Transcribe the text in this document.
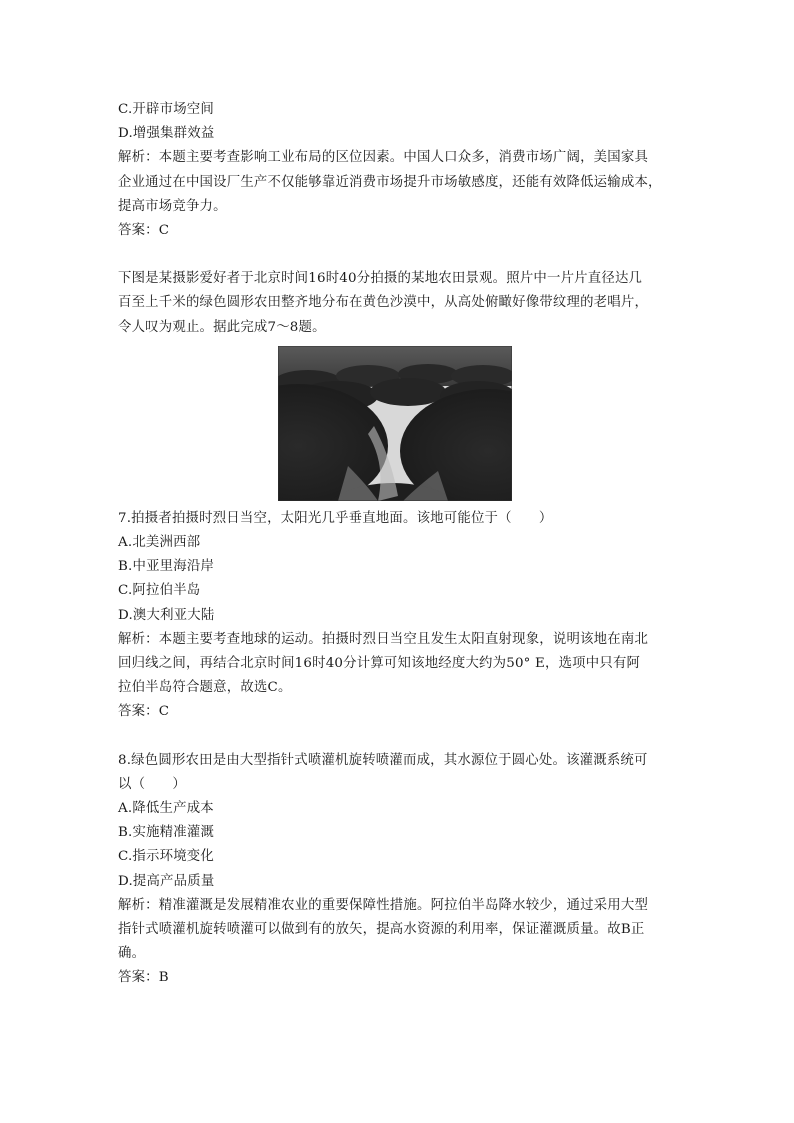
C.开辟市场空间
D.增强集群效益
解析：本题主要考查影响工业布局的区位因素。中国人口众多，消费市场广阔，美国家具
企业通过在中国设厂生产不仅能够靠近消费市场提升市场敏感度，还能有效降低运输成本，
提高市场竞争力。
答案：C
下图是某摄影爱好者于北京时间16时40分拍摄的某地农田景观。照片中一片片直径达几
百至上千米的绿色圆形农田整齐地分布在黄色沙漠中，从高处俯瞰好像带纹理的老唱片，
令人叹为观止。据此完成7～8题。
7.拍摄者拍摄时烈日当空，太阳光几乎垂直地面。该地可能位于（　　）
A.北美洲西部
B.中亚里海沿岸
C.阿拉伯半岛
D.澳大利亚大陆
解析：本题主要考查地球的运动。拍摄时烈日当空且发生太阳直射现象，说明该地在南北
回归线之间，再结合北京时间16时40分计算可知该地经度大约为50° E，选项中只有阿
拉伯半岛符合题意，故选C。
答案：C
8.绿色圆形农田是由大型指针式喷灌机旋转喷灌而成，其水源位于圆心处。该灌溉系统可
以（　　）
A.降低生产成本
B.实施精准灌溉
C.指示环境变化
D.提高产品质量
解析：精准灌溉是发展精准农业的重要保障性措施。阿拉伯半岛降水较少，通过采用大型
指针式喷灌机旋转喷灌可以做到有的放矢，提高水资源的利用率，保证灌溉质量。故B正
确。
答案：B
